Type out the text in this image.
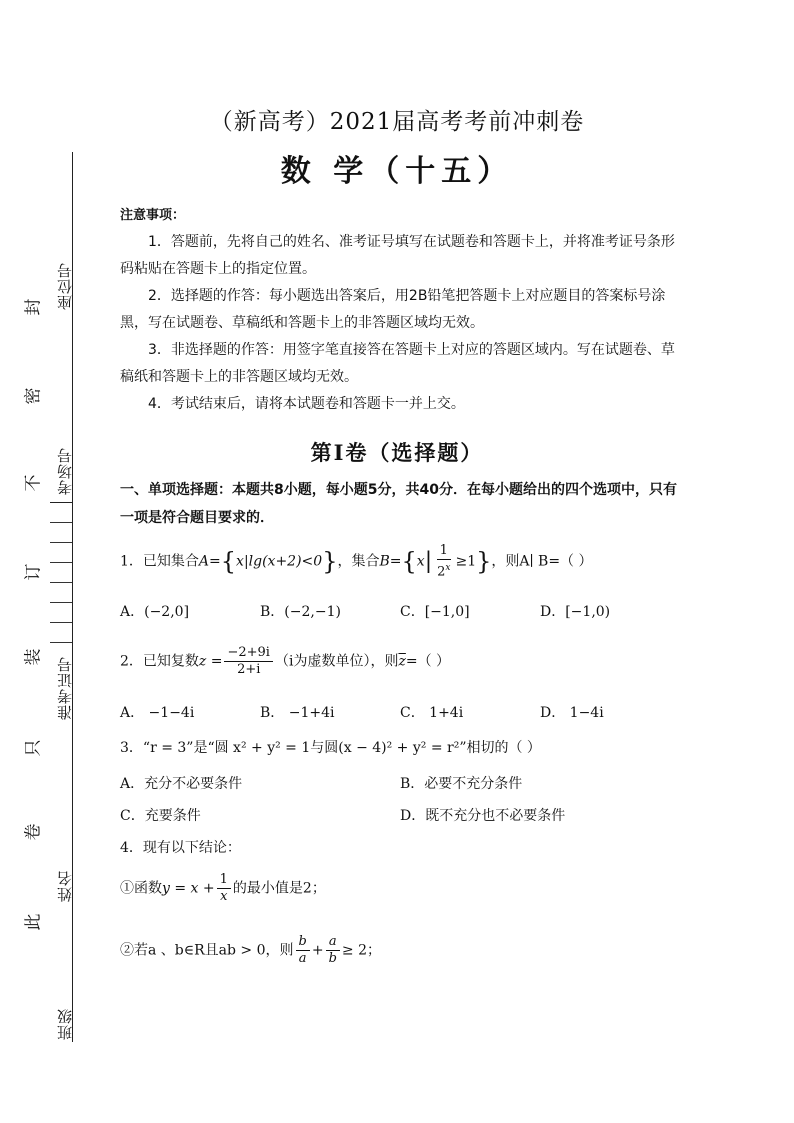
座位号
考场号
准考证号
姓名
班级
封
密
不
订
装
只
卷
此
（新高考）2021届高考考前冲刺卷
数 学（十五）
注意事项：
1．答题前，先将自己的姓名、准考证号填写在试题卷和答题卡上，并将准考证号条形码粘贴在答题卡上的指定位置。
2．选择题的作答：每小题选出答案后，用2B铅笔把答题卡上对应题目的答案标号涂黑，写在试题卷、草稿纸和答题卡上的非答题区域均无效。
3．非选择题的作答：用签字笔直接答在答题卡上对应的答题区域内。写在试题卷、草稿纸和答题卡上的非答题区域均无效。
4．考试结束后，请将本试题卷和答题卡一并上交。
第Ⅰ卷（选择题）
一、单项选择题：本题共8小题，每小题5分，共40分．在每小题给出的四个选项中，只有一项是符合题目要求的．
1．已知集合A={x|lg(x+2)<0}，集合$B=\{x| \frac{1}{2^x} \ge 1\}$，则A∣ B=（ ）
A．(−2,0]	B．(−2,−1)	C．[−1,0]	D．[−1,0)
2．已知复数$z = \frac{-2+9i}{2+i} (i$为虚数单位），则$\overline{z}=$（ ）
A． −1−4i	B． −1+4i	C． 1+4i	D． 1−4i
3．“r = 3”是“圆 x² + y² = 1与圆(x − 4)² + y² = r²”相切的（ ）
A．充分不必要条件	B．必要不充分条件
C．充要条件	D．既不充分也不必要条件
4．现有以下结论：
①函数$y = x + \frac{1}{x}$ 的最小值是2；
②若a 、b∈R且ab > 0，则 $\frac{b}{a} + \frac{a}{b} \ge 2$；
